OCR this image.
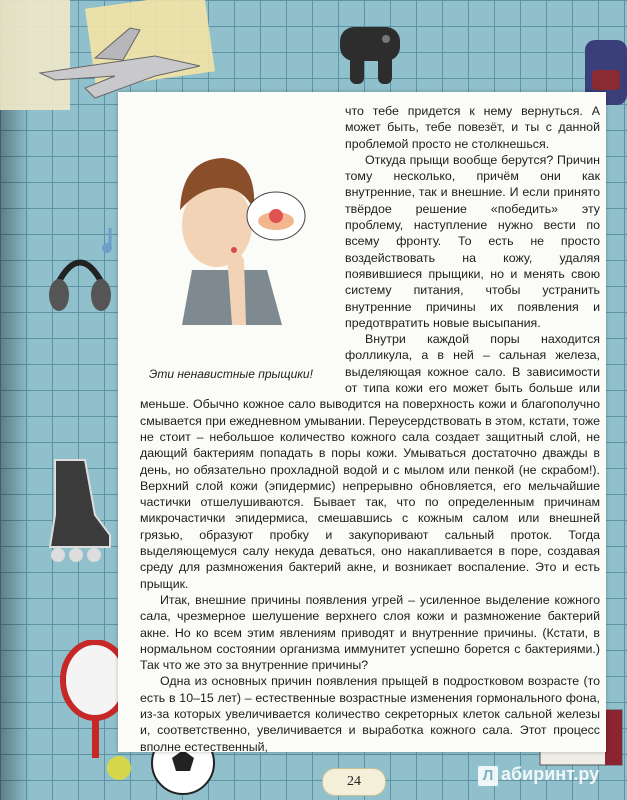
Эти ненавистные прыщики!

что тебе придется к нему вернуться. А может быть, тебе повезёт, и ты с данной проблемой просто не столкнешься.

Откуда прыщи вообще берутся? Причин тому несколько, причём они как внутренние, так и внешние. И если принято твёрдое решение «победить» эту проблему, наступление нужно вести по всему фронту. То есть не просто воздействовать на кожу, удаляя появившиеся прыщики, но и менять свою систему питания, чтобы устранить внутренние причины их появления и предотвратить новые высыпания.

Внутри каждой поры находится фолликула, а в ней – сальная железа, выделяющая кожное сало. В зависимости от типа кожи его может быть больше или меньше. Обычно кожное сало выводится на поверхность кожи и благополучно смывается при ежедневном умывании. Переусердствовать в этом, кстати, тоже не стоит – небольшое количество кожного сала создает защитный слой, не дающий бактериям попадать в поры кожи. Умываться достаточно дважды в день, но обязательно прохладной водой и с мылом или пенкой (не скрабом!). Верхний слой кожи (эпидермис) непрерывно обновляется, его мельчайшие частички отшелушиваются. Бывает так, что по определенным причинам микрочастички эпидермиса, смешавшись с кожным салом или внешней грязью, образуют пробку и закупоривают сальный проток. Тогда выделяющемуся салу некуда деваться, оно накапливается в поре, создавая среду для размножения бактерий акне, и возникает воспаление. Это и есть прыщик.

Итак, внешние причины появления угрей – усиленное выделение кожного сала, чрезмерное шелушение верхнего слоя кожи и размножение бактерий акне. Но ко всем этим явлениям приводят и внутренние причины. (Кстати, в нормальном состоянии организма иммунитет успешно борется с бактериями.) Так что же это за внутренние причины?

Одна из основных причин появления прыщей в подростковом возрасте (то есть в 10–15 лет) – естественные возрастные изменения гормонального фона, из-за которых увеличивается количество секреторных клеток сальной железы и, соответственно, увеличивается и выработка кожного сала. Этот процесс вполне естественный,

24	Л абиринт.ру
